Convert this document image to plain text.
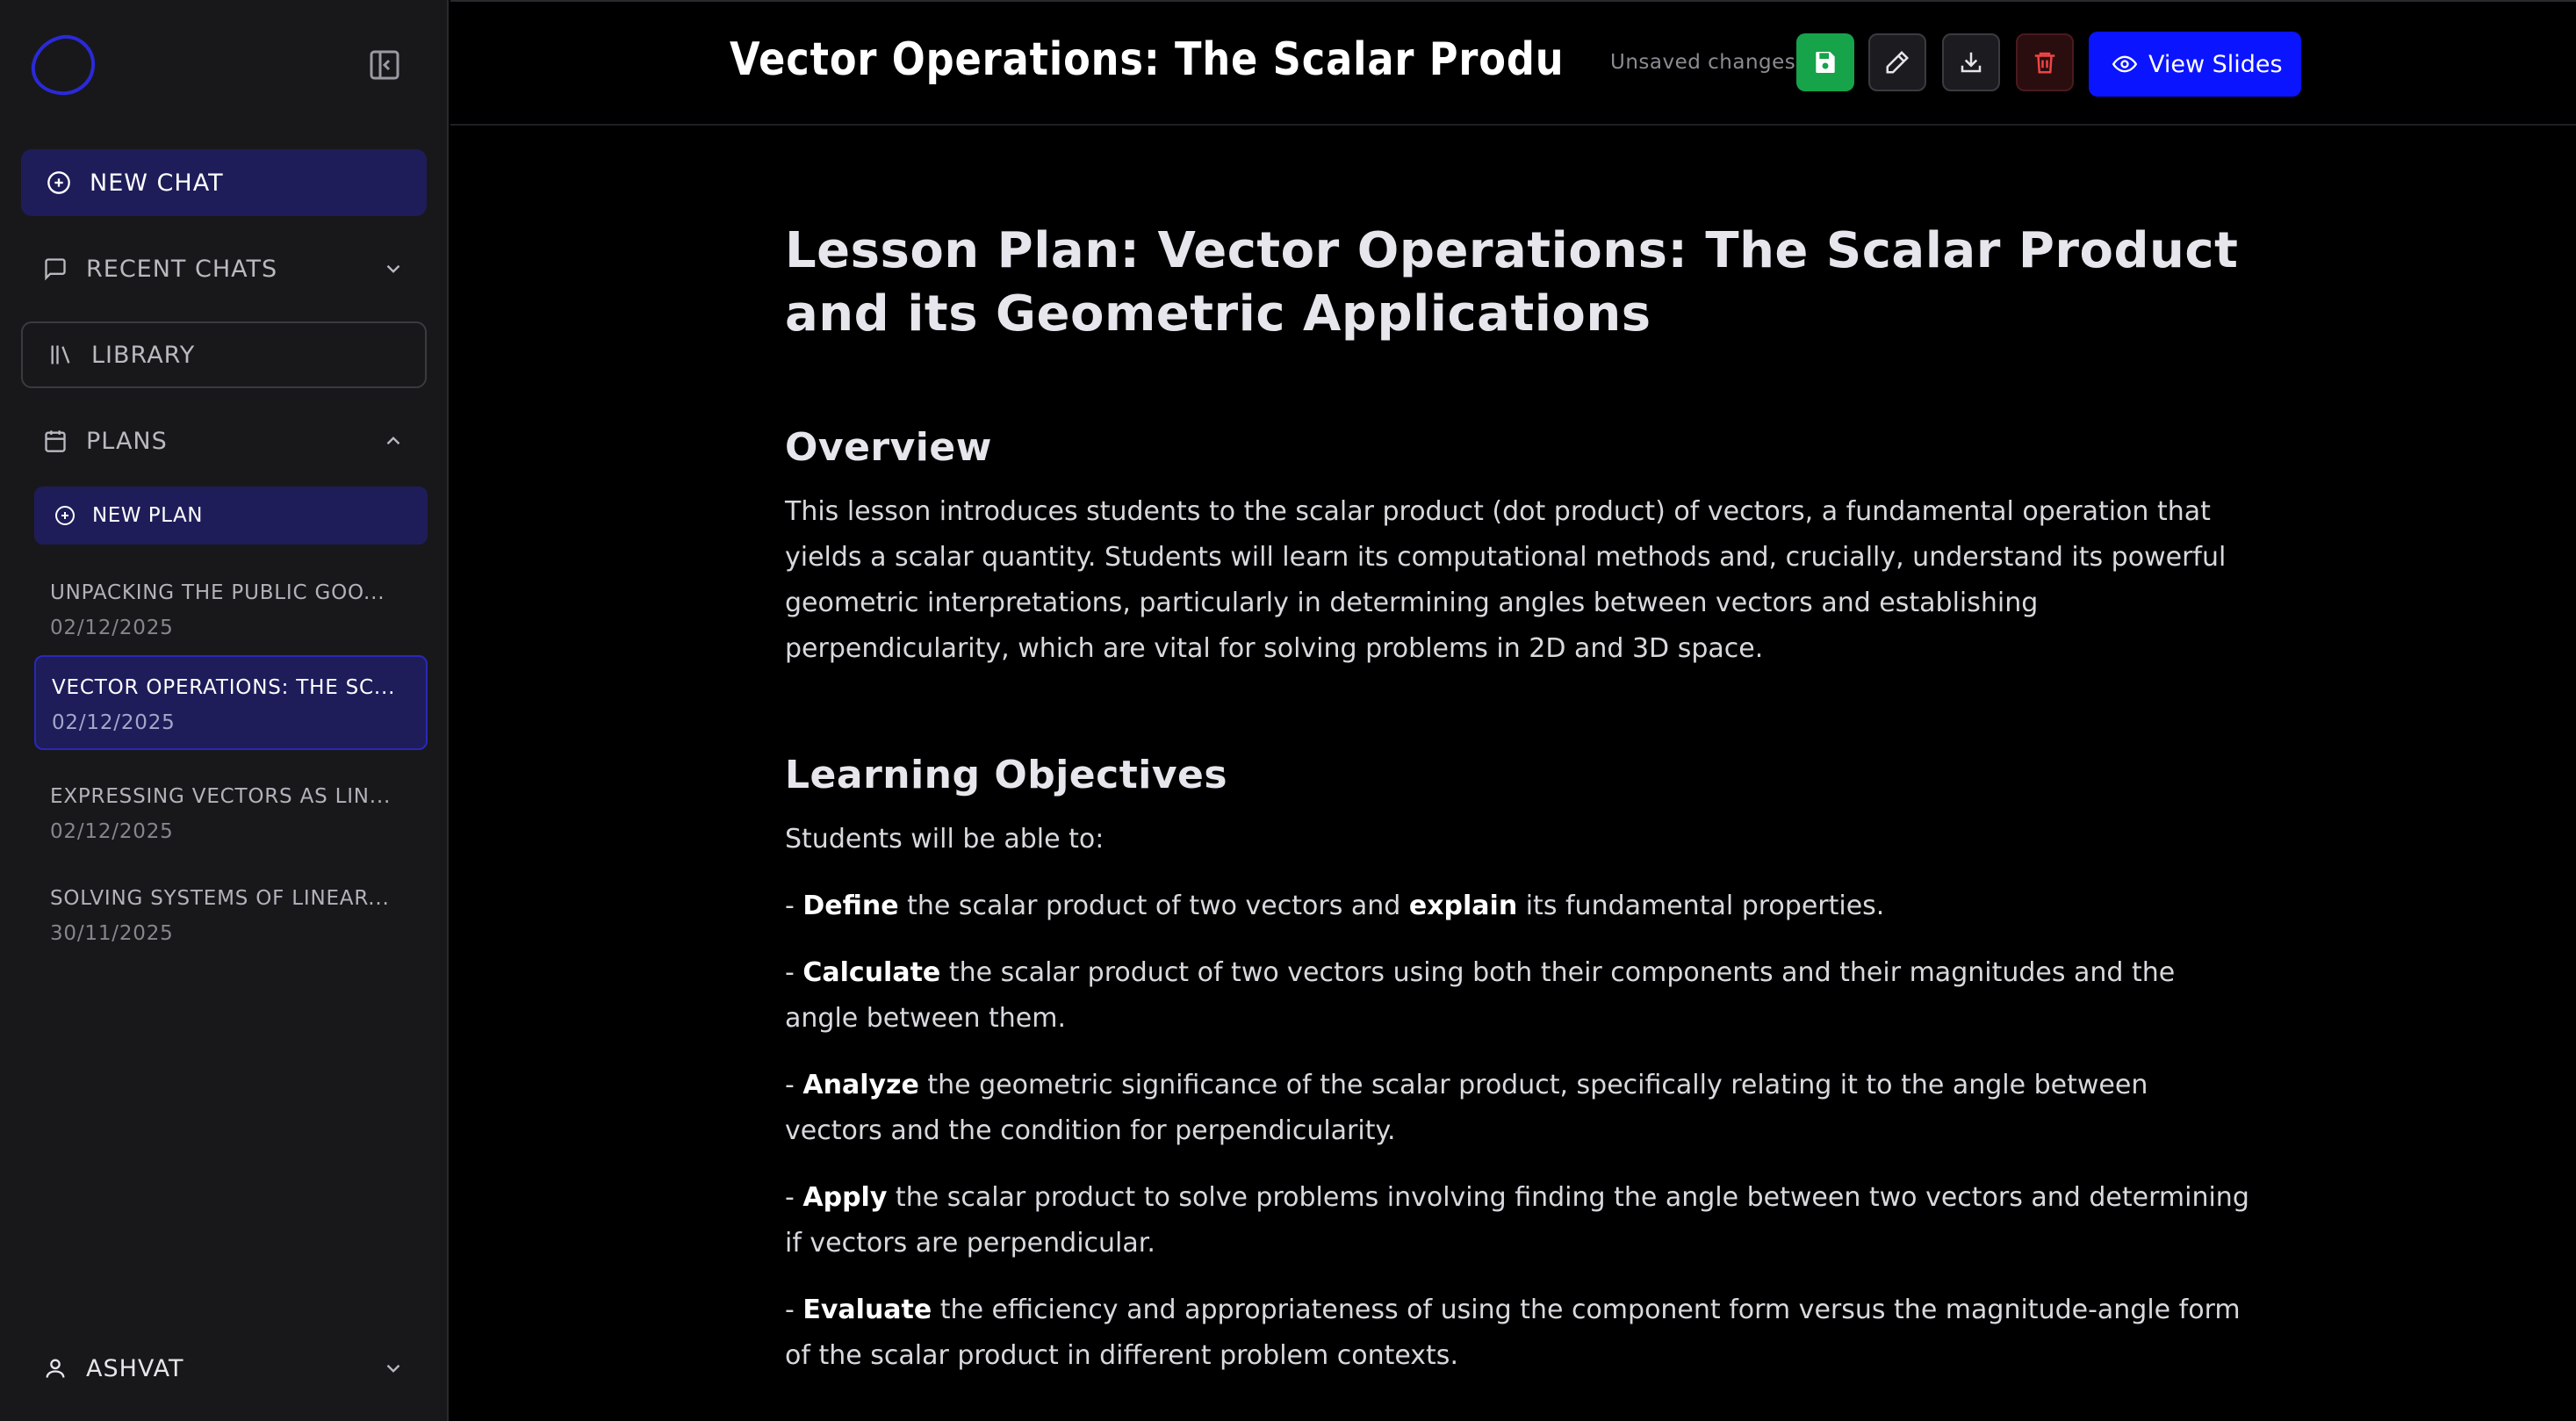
NEW CHAT
RECENT CHATS
LIBRARY
PLANS
NEW PLAN
UNPACKING THE PUBLIC GOO...
02/12/2025
VECTOR OPERATIONS: THE SC...
02/12/2025
EXPRESSING VECTORS AS LIN...
02/12/2025
SOLVING SYSTEMS OF LINEAR...
30/11/2025
ASHVAT
Vector Operations: The Scalar Produ Unsaved changes	View Slides
Lesson Plan: Vector Operations: The Scalar Product and its Geometric Applications
Overview

This lesson introduces students to the scalar product (dot product) of vectors, a fundamental operation that yields a scalar quantity. Students will learn its computational methods and, crucially, understand its powerful geometric interpretations, particularly in determining angles between vectors and establishing perpendicularity, which are vital for solving problems in 2D and 3D space.

Learning Objectives

Students will be able to:

- Define the scalar product of two vectors and explain its fundamental properties.

- Calculate the scalar product of two vectors using both their components and their magnitudes and the angle between them.

- Analyze the geometric significance of the scalar product, specifically relating it to the angle between vectors and the condition for perpendicularity.

- Apply the scalar product to solve problems involving finding the angle between two vectors and determining if vectors are perpendicular.

- Evaluate the efficiency and appropriateness of using the component form versus the magnitude-angle form of the scalar product in different problem contexts.
